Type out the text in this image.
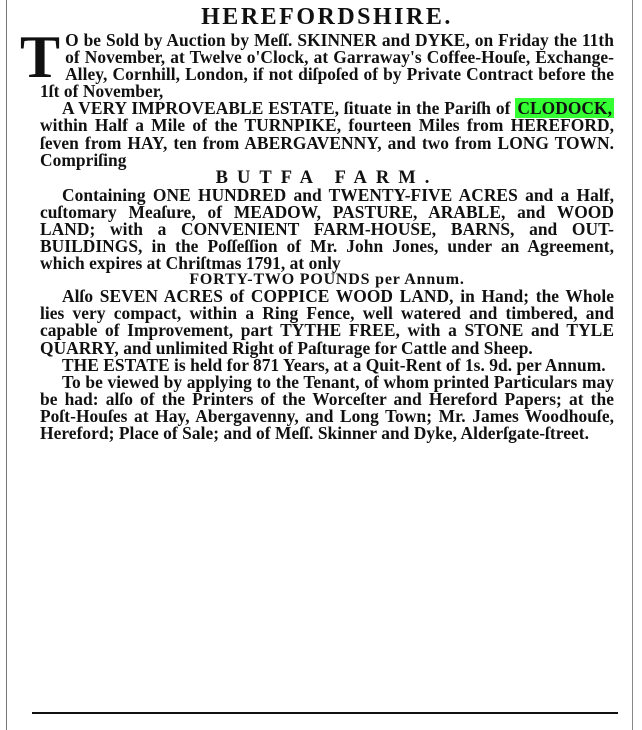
HEREFORDSHIRE.

T O be Sold by Auction by Meſſ. SKINNER and DYKE, on Friday the 11th of November, at Twelve o'Clock, at Garraway's Coffee-Houſe, Exchange-Alley, Cornhill, London, if not diſpoſed of by Private Contract before the 1ſt of November,

A VERY IMPROVEABLE ESTATE, ſituate in the Pariſh of CLODOCK, within Half a Mile of the TURNPIKE, fourteen Miles from HEREFORD, ſeven from HAY, ten from ABERGAVENNY, and two from LONG TOWN. Compriſing

BUTFA FARM.

Containing ONE HUNDRED and TWENTY-FIVE ACRES and a Half, cuſtomary Meaſure, of MEADOW, PASTURE, ARABLE, and WOOD LAND; with a CONVENIENT FARM-HOUSE, BARNS, and OUT-BUILDINGS, in the Poſſeſſion of Mr. John Jones, under an Agreement, which expires at Chriſtmas 1791, at only

FORTY-TWO POUNDS per Annum.

Alſo SEVEN ACRES of COPPICE WOOD LAND, in Hand; the Whole lies very compact, within a Ring Fence, well watered and timbered, and capable of Improvement, part TYTHE FREE, with a STONE and TYLE QUARRY, and unlimited Right of Paſturage for Cattle and Sheep.

THE ESTATE is held for 871 Years, at a Quit-Rent of 1s. 9d. per Annum.

To be viewed by applying to the Tenant, of whom printed Particulars may be had: alſo of the Printers of the Worceſter and Hereford Papers; at the Poſt-Houſes at Hay, Abergavenny, and Long Town; Mr. James Woodhouſe, Hereford; Place of Sale; and of Meſſ. Skinner and Dyke, Alderſgate-ſtreet.
